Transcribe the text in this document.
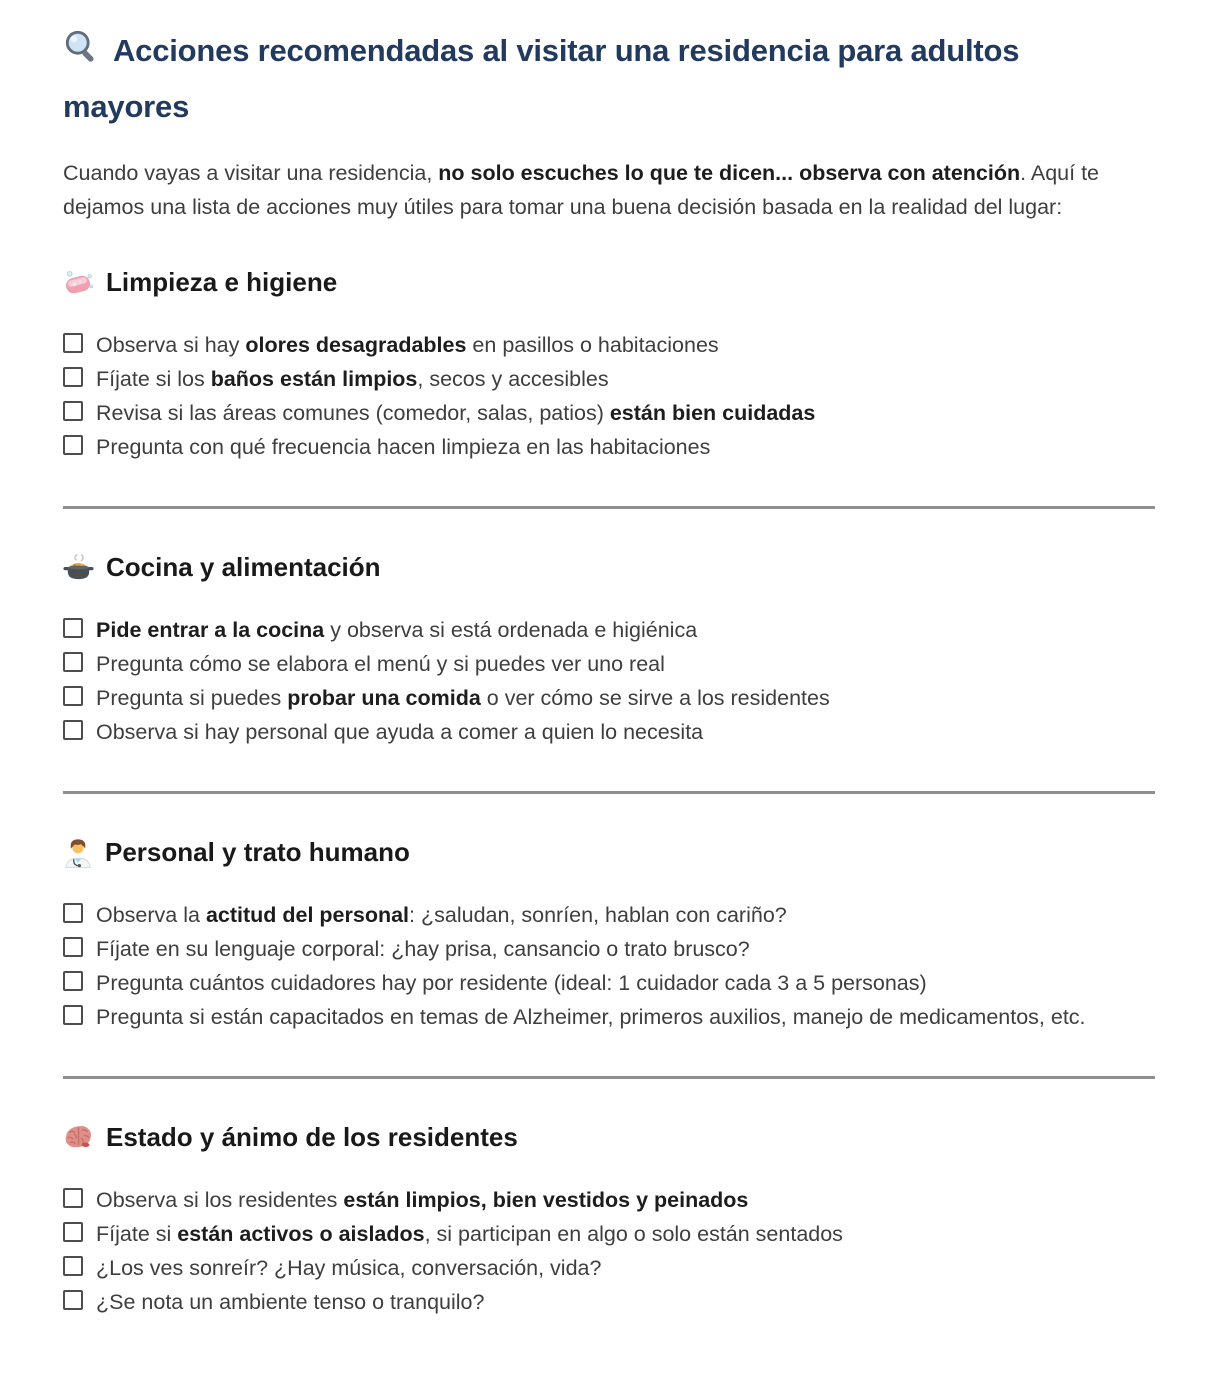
Acciones recomendadas al visitar una residencia para adultos mayores

Cuando vayas a visitar una residencia, no solo escuches lo que te dicen... observa con atención. Aquí te dejamos una lista de acciones muy útiles para tomar una buena decisión basada en la realidad del lugar:

Limpieza e higiene

Observa si hay olores desagradables en pasillos o habitaciones

Fíjate si los baños están limpios, secos y accesibles

Revisa si las áreas comunes (comedor, salas, patios) están bien cuidadas

Pregunta con qué frecuencia hacen limpieza en las habitaciones

Cocina y alimentación

Pide entrar a la cocina y observa si está ordenada e higiénica

Pregunta cómo se elabora el menú y si puedes ver uno real

Pregunta si puedes probar una comida o ver cómo se sirve a los residentes

Observa si hay personal que ayuda a comer a quien lo necesita

Personal y trato humano

Observa la actitud del personal: ¿saludan, sonríen, hablan con cariño?

Fíjate en su lenguaje corporal: ¿hay prisa, cansancio o trato brusco?

Pregunta cuántos cuidadores hay por residente (ideal: 1 cuidador cada 3 a 5 personas)

Pregunta si están capacitados en temas de Alzheimer, primeros auxilios, manejo de medicamentos, etc.

Estado y ánimo de los residentes

Observa si los residentes están limpios, bien vestidos y peinados

Fíjate si están activos o aislados, si participan en algo o solo están sentados

¿Los ves sonreír? ¿Hay música, conversación, vida?

¿Se nota un ambiente tenso o tranquilo?
